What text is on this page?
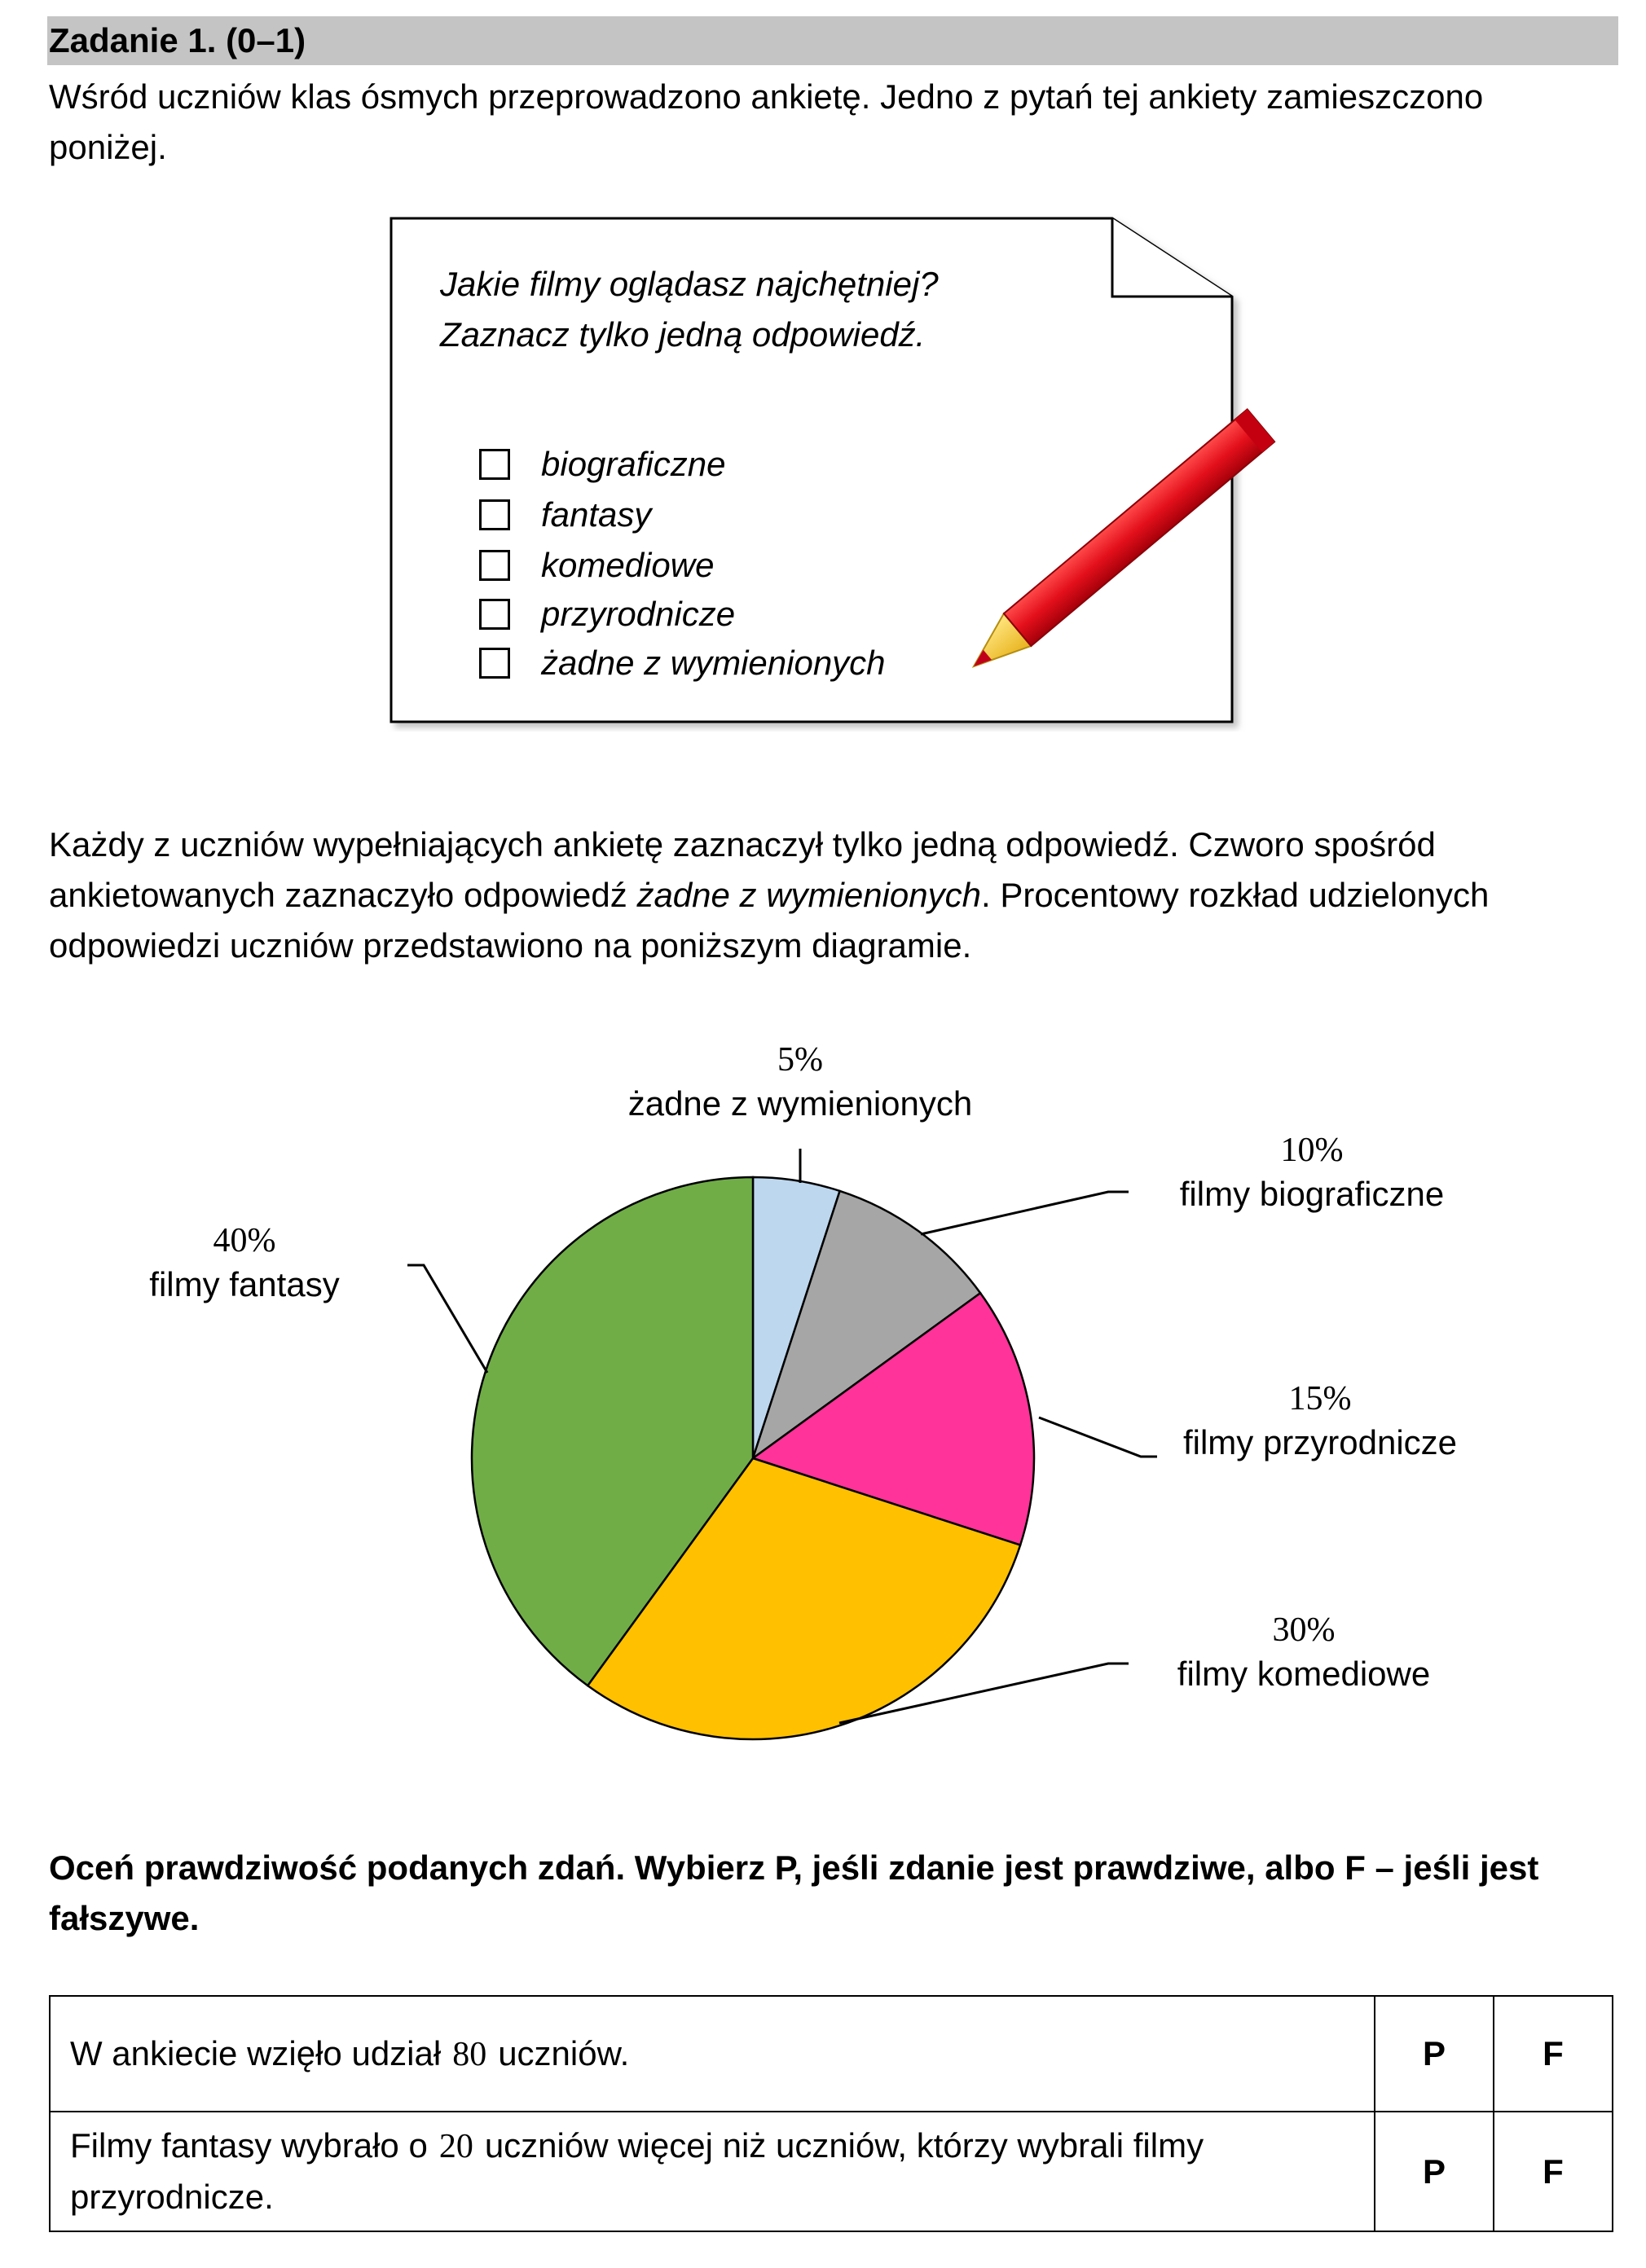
Zadanie 1. (0–1)

Wśród uczniów klas ósmych przeprowadzono ankietę. Jedno z pytań tej ankiety zamieszczono poniżej.

Jakie filmy oglądasz najchętniej?
Zaznacz tylko jedną odpowiedź.
biograficzne
fantasy
komediowe
przyrodnicze
żadne z wymienionych

Każdy z uczniów wypełniających ankietę zaznaczył tylko jedną odpowiedź. Czworo spośród ankietowanych zaznaczyło odpowiedź żadne z wymienionych. Procentowy rozkład udzielonych odpowiedzi uczniów przedstawiono na poniższym diagramie.

5%
żadne z wymienionych
10%
filmy biograficzne
15%
filmy przyrodnicze
30%
filmy komediowe
40%
filmy fantasy

Oceń prawdziwość podanych zdań. Wybierz P, jeśli zdanie jest prawdziwe, albo F – jeśli jest fałszywe.

W ankiecie wzięło udział 80 uczniów.	P	F
Filmy fantasy wybrało o 20 uczniów więcej niż uczniów, którzy wybrali filmy przyrodnicze.	P	F
